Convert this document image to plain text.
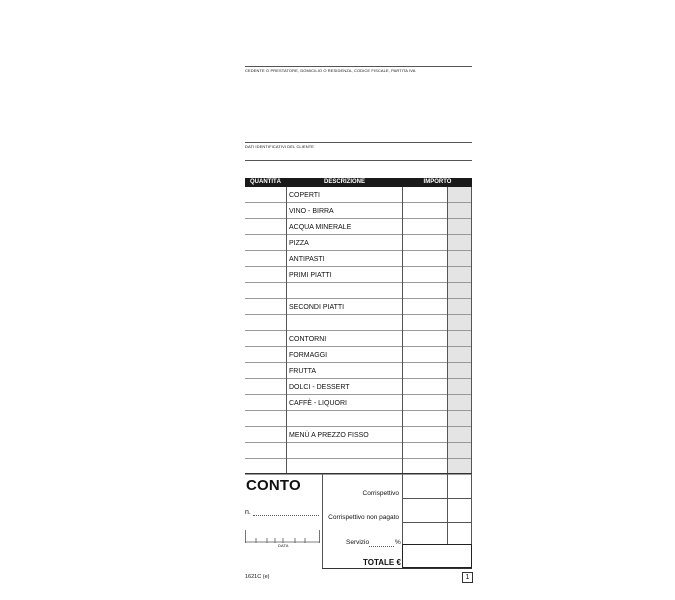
CEDENTE O PRESTATORE, DOMICILIO O RESIDENZA, CODICE FISCALE, PARTITA IVA
DATI IDENTIFICATIVI DEL CLIENTE
QUANTITÀ	DESCRIZIONE	IMPORTO
COPERTI
VINO - BIRRA
ACQUA MINERALE
PIZZA
ANTIPASTI
PRIMI PIATTI
SECONDI PIATTI
CONTORNI
FORMAGGI
FRUTTA
DOLCI - DESSERT
CAFFÈ - LIQUORI
MENÙ A PREZZO FISSO
CONTO
n.
DATA
Corrispettivo
Corrispettivo non pagato
Servizio	%
TOTALE €
1621C (e)	1
